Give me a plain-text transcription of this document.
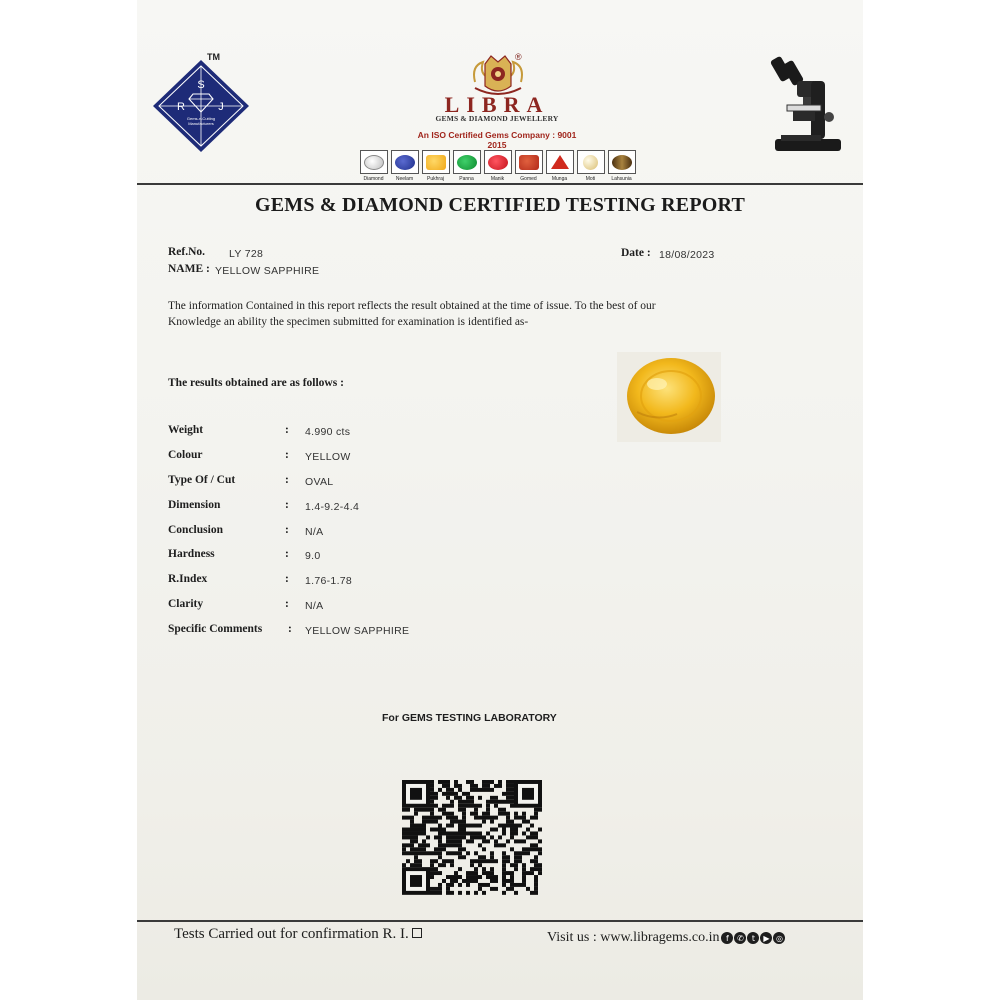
S
R	J
Gems-n-Cutting
Manufacturers
TM	®
LIBRA
GEMS & DIAMOND JEWELLERY
An ISO Certified Gems Company : 9001 2015
Diamond Neelam	Pukhraj	Panna	Manik	Gomed	Munga	Moti	Lahsunia
GEMS & DIAMOND CERTIFIED TESTING REPORT
Ref.No. LY 728
NAME : YELLOW SAPPHIRE
Date : 18/08/2023
The information Contained in this report reflects the result obtained at the time of issue. To the best of our
Knowledge an ability the specimen submitted for examination is identified as-
The results obtained are as follows :
Weight	: 4.990 cts
Colour	: YELLOW
Type Of / Cut	: OVAL
Dimension	: 1.4-9.2-4.4
Conclusion	: N/A
Hardness	: 9.0
R.Index	: 1.76-1.78
Clarity	: N/A
Specific Comments : YELLOW SAPPHIRE
For GEMS TESTING LABORATORY
Tests Carried out for confirmation R. I.	Visit us : www.libragems.co.in f	✆	t	▶ ◎
